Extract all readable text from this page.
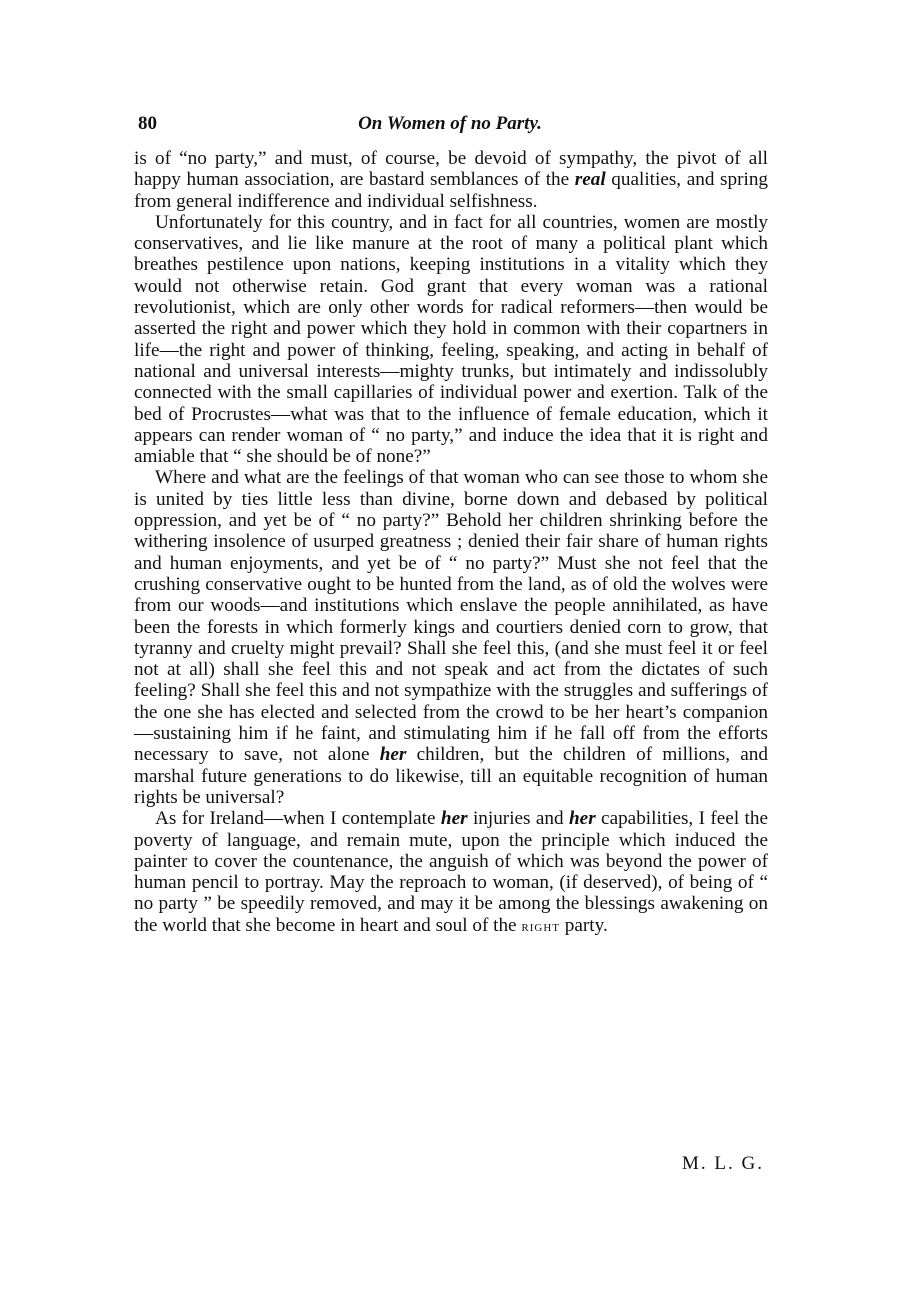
80	On Women of no Party.

is of “no party,” and must, of course, be devoid of sympathy, the pivot of all happy human association, are bastard semblances of the real qualities, and spring from general indifference and individual selfishness.

Unfortunately for this country, and in fact for all countries, women are mostly conservatives, and lie like manure at the root of many a political plant which breathes pestilence upon nations, keeping institutions in a vitality which they would not otherwise retain. God grant that every woman was a rational revolutionist, which are only other words for radical reformers—then would be asserted the right and power which they hold in common with their copartners in life—the right and power of thinking, feeling, speaking, and acting in behalf of national and universal interests—mighty trunks, but intimately and indissolubly connected with the small capillaries of individual power and exertion. Talk of the bed of Procrustes—what was that to the influence of female education, which it appears can render woman of “ no party,” and induce the idea that it is right and amiable that “ she should be of none?”

Where and what are the feelings of that woman who can see those to whom she is united by ties little less than divine, borne down and debased by political oppression, and yet be of “ no party?” Behold her children shrinking before the withering insolence of usurped greatness ; denied their fair share of human rights and human enjoyments, and yet be of “ no party?” Must she not feel that the crushing conservative ought to be hunted from the land, as of old the wolves were from our woods—and institutions which enslave the people annihilated, as have been the forests in which formerly kings and courtiers denied corn to grow, that tyranny and cruelty might prevail? Shall she feel this, (and she must feel it or feel not at all) shall she feel this and not speak and act from the dictates of such feeling? Shall she feel this and not sympathize with the struggles and sufferings of the one she has elected and selected from the crowd to be her heart’s companion—sustaining him if he faint, and stimulating him if he fall off from the efforts necessary to save, not alone her children, but the children of millions, and marshal future generations to do likewise, till an equitable recognition of human rights be universal?

As for Ireland—when I contemplate her injuries and her capabilities, I feel the poverty of language, and remain mute, upon the principle which induced the painter to cover the countenance, the anguish of which was beyond the power of human pencil to portray. May the reproach to woman, (if deserved), of being of “ no party ” be speedily removed, and may it be among the blessings awakening on the world that she become in heart and soul of the right party.

M. L. G.
